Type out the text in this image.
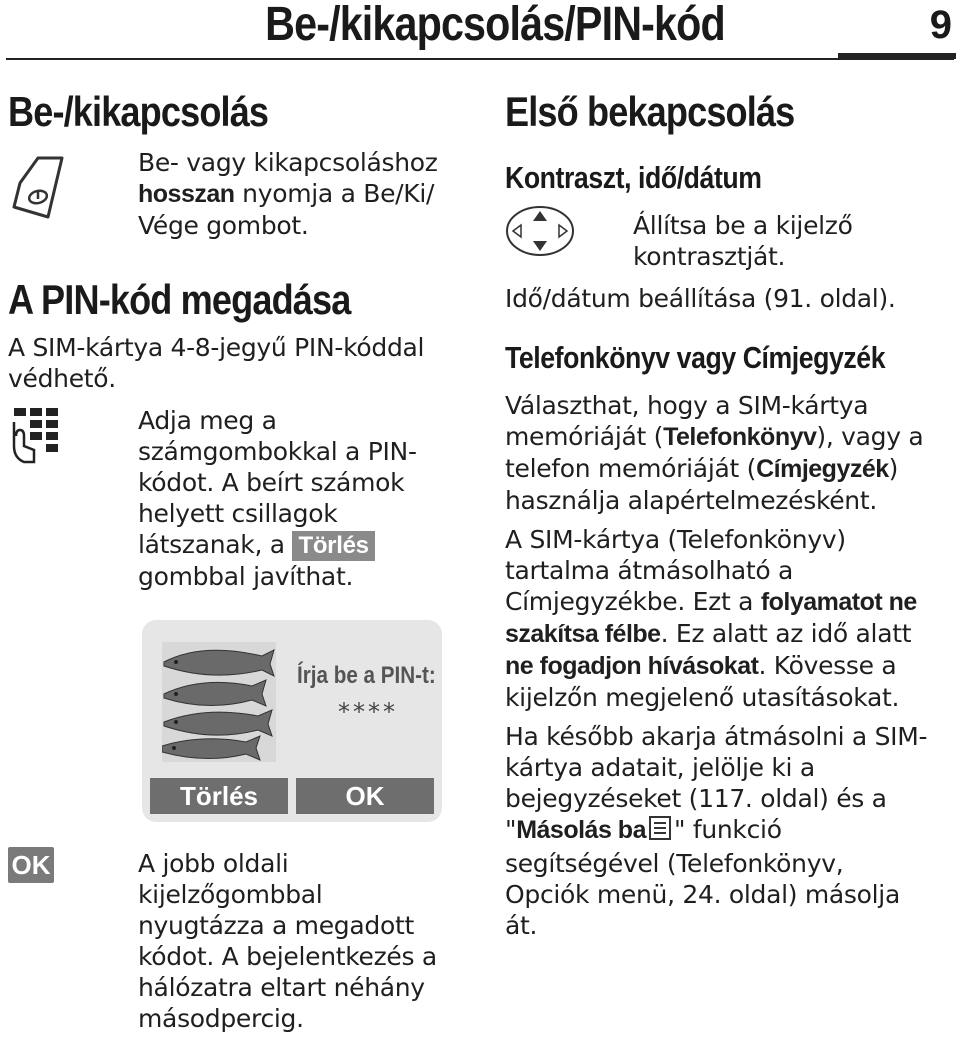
Be-/kikapcsolás/PIN-kód	9
Be-/kikapcsolás
Be- vagy kikapcsoláshoz hosszan nyomja a Be/Ki/ Vége gombot.
A PIN-kód megadása
A SIM-kártya 4-8-jegyű PIN-kóddal védhető.
Adja meg a számgombokkal a PIN-kódot. A beírt számok helyett csillagok látszanak, a Törlés gombbal javíthat.
Írja be a PIN-t:
****
Törlés	OK
OK	A jobb oldali kijelzőgombbal nyugtázza a megadott kódot. A bejelentkezés a hálózatra eltart néhány másodpercig.
Első bekapcsolás
Kontraszt, idő/dátum
Állítsa be a kijelző kontrasztját.
Idő/dátum beállítása (91. oldal).
Telefonkönyv vagy Címjegyzék

Választhat, hogy a SIM-kártya memóriáját (Telefonkönyv), vagy a telefon memóriáját (Címjegyzék) használja alapértelmezésként.

A SIM-kártya (Telefonkönyv) tartalma átmásolható a Címjegyzékbe. Ezt a folyamatot ne szakítsa félbe. Ez alatt az idő alatt ne fogadjon hívásokat. Kövesse a kijelzőn megjelenő utasításokat.

Ha később akarja átmásolni a SIM-kártya adatait, jelölje ki a bejegyzéseket (117. oldal) és a "Másolás ba " funkció segítségével (Telefonkönyv, Opciók menü, 24. oldal) másolja át.
